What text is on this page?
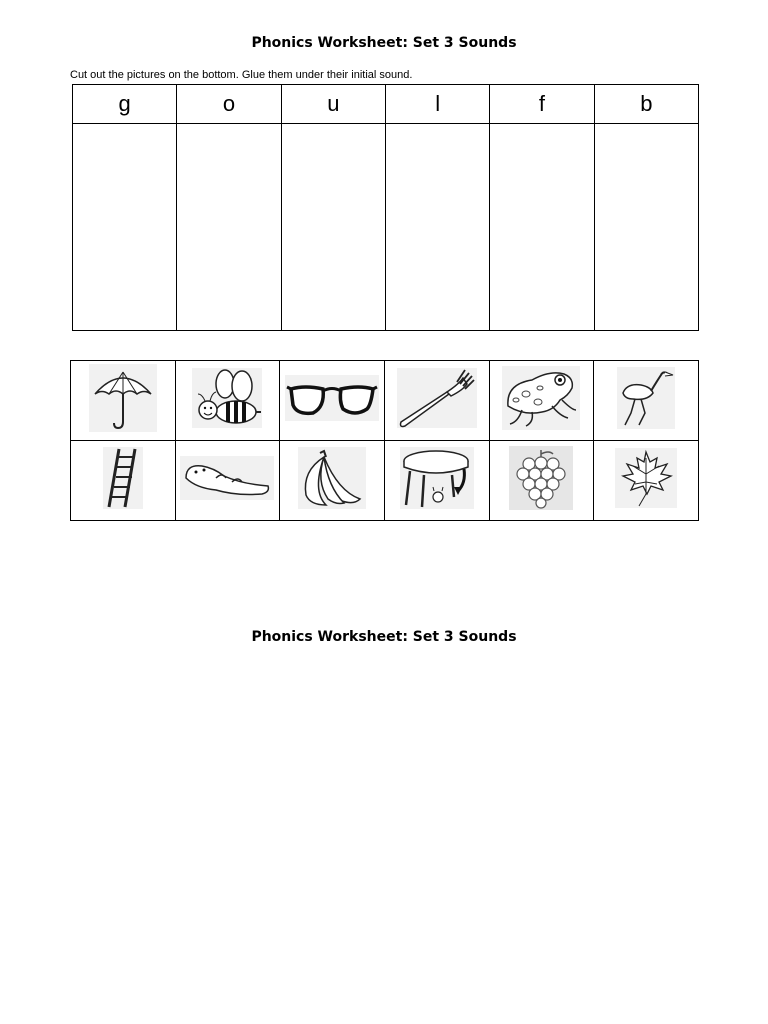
Phonics Worksheet: Set 3 Sounds
Cut out the pictures on the bottom. Glue them under their initial sound.
g	o	u	l	f	b

Phonics Worksheet: Set 3 Sounds
